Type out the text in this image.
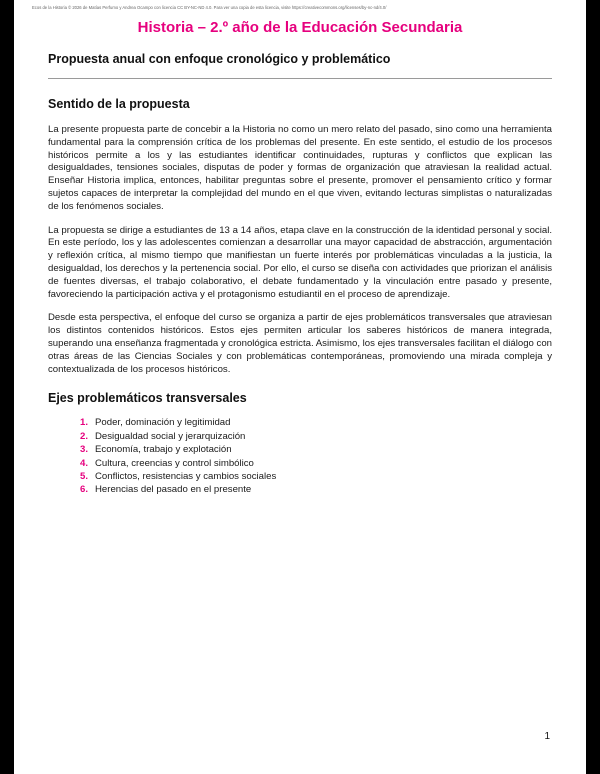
Ecos de la Historia © 2026 de Matías Perfumo y Andrea Ocampo con licencia CC BY-NC-ND 4.0. Para ver una copia de esta licencia, visite https://creativecommons.org/licenses/by-nc-nd/4.0/
Historia – 2.º año de la Educación Secundaria
Propuesta anual con enfoque cronológico y problemático
Sentido de la propuesta

La presente propuesta parte de concebir a la Historia no como un mero relato del pasado, sino como una herramienta fundamental para la comprensión crítica de los problemas del presente. En este sentido, el estudio de los procesos históricos permite a los y las estudiantes identificar continuidades, rupturas y conflictos que explican las desigualdades, tensiones sociales, disputas de poder y formas de organización que atraviesan la realidad actual. Enseñar Historia implica, entonces, habilitar preguntas sobre el presente, promover el pensamiento crítico y formar sujetos capaces de interpretar la complejidad del mundo en el que viven, evitando lecturas simplistas o naturalizadas de los fenómenos sociales.

La propuesta se dirige a estudiantes de 13 a 14 años, etapa clave en la construcción de la identidad personal y social. En este período, los y las adolescentes comienzan a desarrollar una mayor capacidad de abstracción, argumentación y reflexión crítica, al mismo tiempo que manifiestan un fuerte interés por problemáticas vinculadas a la justicia, la desigualdad, los derechos y la pertenencia social. Por ello, el curso se diseña con actividades que priorizan el análisis de fuentes diversas, el trabajo colaborativo, el debate fundamentado y la vinculación entre pasado y presente, favoreciendo la participación activa y el protagonismo estudiantil en el proceso de aprendizaje.

Desde esta perspectiva, el enfoque del curso se organiza a partir de ejes problemáticos transversales que atraviesan los distintos contenidos históricos. Estos ejes permiten articular los saberes históricos de manera integrada, superando una enseñanza fragmentada y cronológica estricta. Asimismo, los ejes transversales facilitan el diálogo con otras áreas de las Ciencias Sociales y con problemáticas contemporáneas, promoviendo una mirada compleja y contextualizada de los procesos históricos.

Ejes problemáticos transversales
1. Poder, dominación y legitimidad
2. Desigualdad social y jerarquización
3. Economía, trabajo y explotación
4. Cultura, creencias y control simbólico
5. Conflictos, resistencias y cambios sociales
6. Herencias del pasado en el presente
1
